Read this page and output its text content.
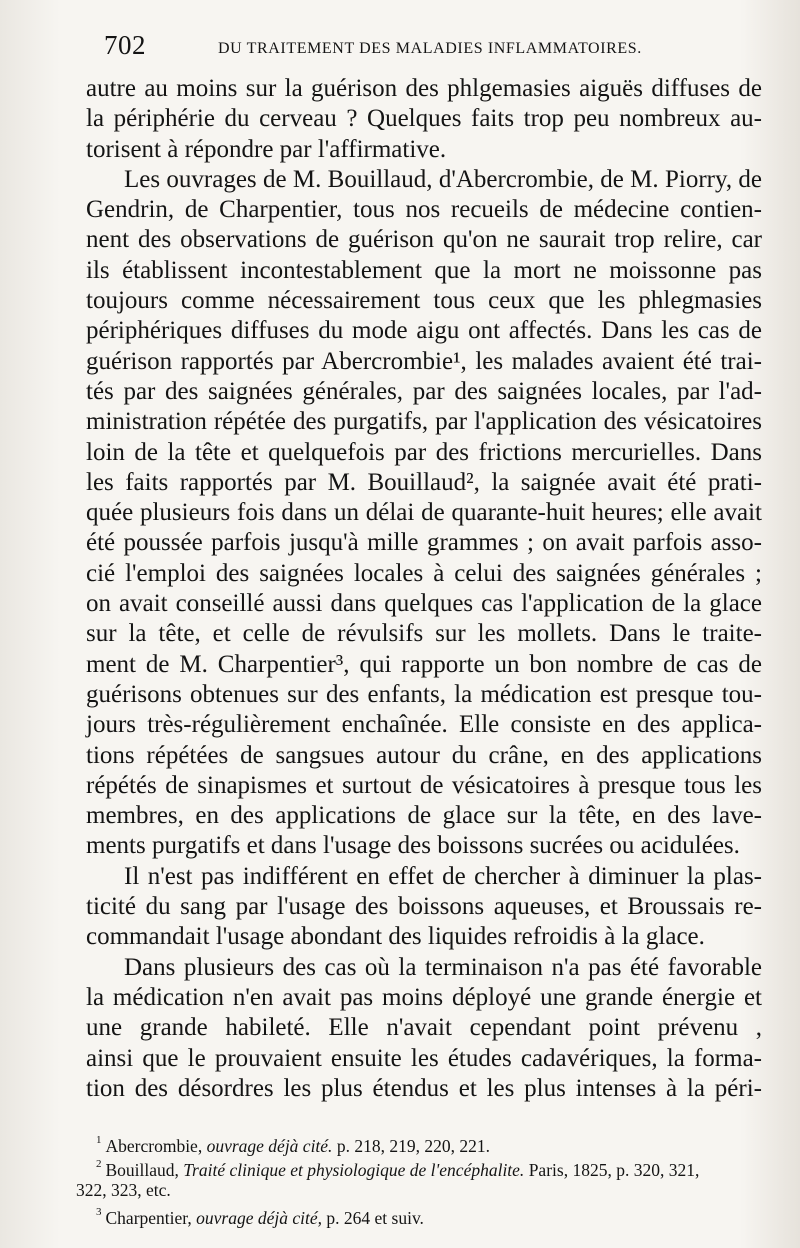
702	DU TRAITEMENT DES MALADIES INFLAMMATOIRES.
autre au moins sur la guérison des phlgemasies aiguës diffuses de
la périphérie du cerveau ? Quelques faits trop peu nombreux au-
torisent à répondre par l'affirmative.
Les ouvrages de M. Bouillaud, d'Abercrombie, de M. Piorry, de
Gendrin, de Charpentier, tous nos recueils de médecine contien-
nent des observations de guérison qu'on ne saurait trop relire, car
ils établissent incontestablement que la mort ne moissonne pas
toujours comme nécessairement tous ceux que les phlegmasies
périphériques diffuses du mode aigu ont affectés. Dans les cas de
guérison rapportés par Abercrombie¹, les malades avaient été trai-
tés par des saignées générales, par des saignées locales, par l'ad-
ministration répétée des purgatifs, par l'application des vésicatoires
loin de la tête et quelquefois par des frictions mercurielles. Dans
les faits rapportés par M. Bouillaud², la saignée avait été prati-
quée plusieurs fois dans un délai de quarante-huit heures; elle avait
été poussée parfois jusqu'à mille grammes ; on avait parfois asso-
cié l'emploi des saignées locales à celui des saignées générales ;
on avait conseillé aussi dans quelques cas l'application de la glace
sur la tête, et celle de révulsifs sur les mollets. Dans le traite-
ment de M. Charpentier³, qui rapporte un bon nombre de cas de
guérisons obtenues sur des enfants, la médication est presque tou-
jours très-régulièrement enchaînée. Elle consiste en des applica-
tions répétées de sangsues autour du crâne, en des applications
répétés de sinapismes et surtout de vésicatoires à presque tous les
membres, en des applications de glace sur la tête, en des lave-
ments purgatifs et dans l'usage des boissons sucrées ou acidulées.
Il n'est pas indifférent en effet de chercher à diminuer la plas-
ticité du sang par l'usage des boissons aqueuses, et Broussais re-
commandait l'usage abondant des liquides refroidis à la glace.
Dans plusieurs des cas où la terminaison n'a pas été favorable
la médication n'en avait pas moins déployé une grande énergie et
une grande habileté. Elle n'avait cependant point prévenu ,
ainsi que le prouvaient ensuite les études cadavériques, la forma-
tion des désordres les plus étendus et les plus intenses à la péri-
$^1$ Abercrombie, ouvrage déjà cité. p. 218, 219, 220, 221.
$^2$ Bouillaud, Traité clinique et physiologique de l'encéphalite. Paris, 1825, p. 320, 321,
322, 323, etc.
$^3$ Charpentier, ouvrage déjà cité, p. 264 et suiv.
